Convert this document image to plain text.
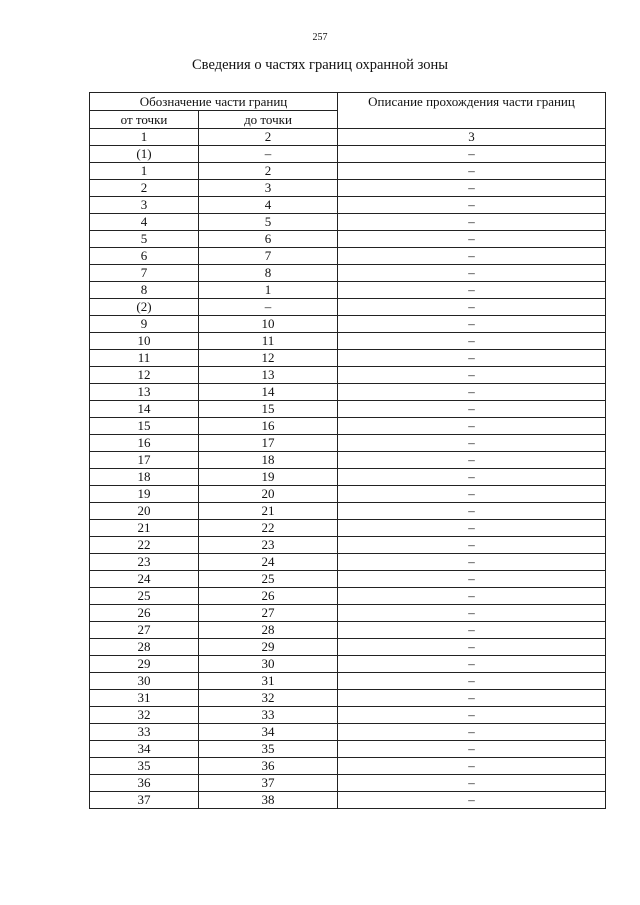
257
Сведения о частях границ охранной зоны
Обозначение части границ		Описание прохождения части границ
от точки	до точки	
1	2	3
(1)	–	–
1	2	–
2	3	–
3	4	–
4	5	–
5	6	–
6	7	–
7	8	–
8	1	–
(2)	–	–
9	10	–
10	11	–
11	12	–
12	13	–
13	14	–
14	15	–
15	16	–
16	17	–
17	18	–
18	19	–
19	20	–
20	21	–
21	22	–
22	23	–
23	24	–
24	25	–
25	26	–
26	27	–
27	28	–
28	29	–
29	30	–
30	31	–
31	32	–
32	33	–
33	34	–
34	35	–
35	36	–
36	37	–
37	38	–
